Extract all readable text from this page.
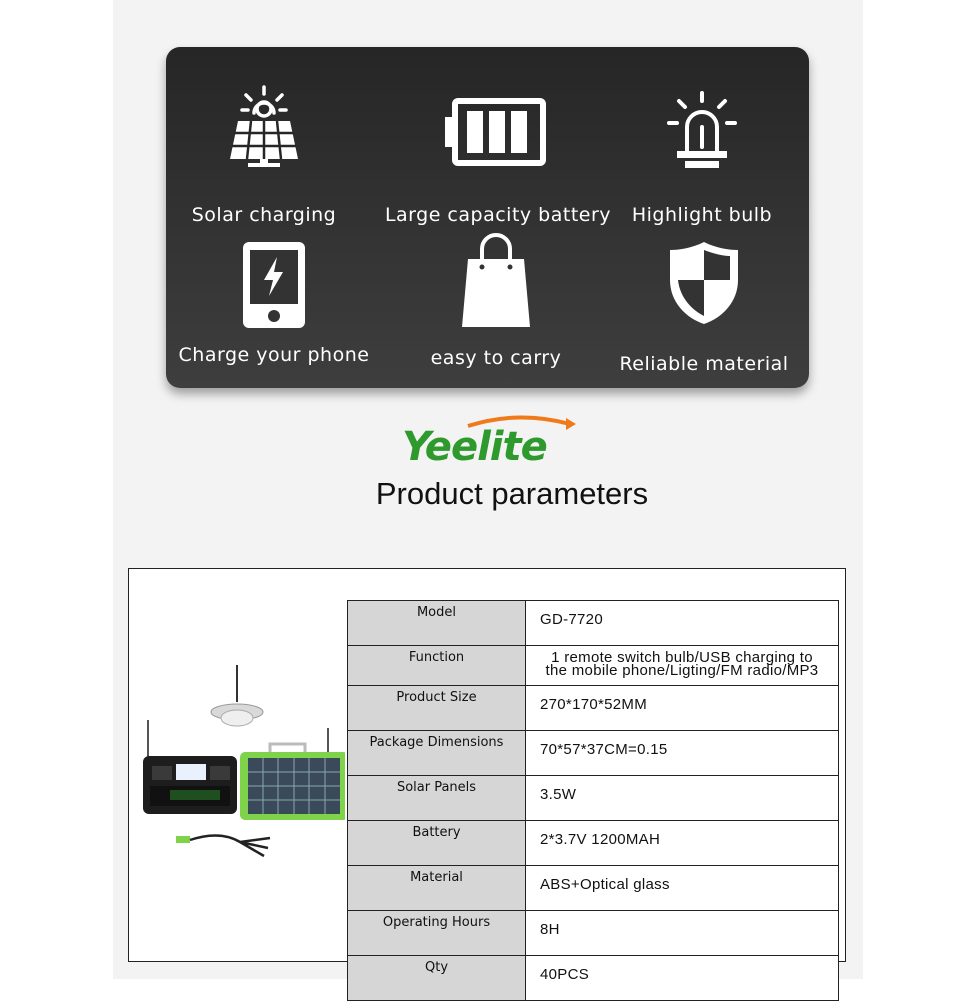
Solar charging	Large capacity battery	Highlight bulb
Charge your phone	easy to carry	Reliable material
Yeelite
Product parameters
Model	GD-7720
Function	1 remote switch bulb/USB charging to
the mobile phone/Ligting/FM radio/MP3

Product Size	270*170*52MM
Package Dimensions	70*57*37CM=0.15
Solar Panels	3.5W
Battery	2*3.7V 1200MAH
Material	ABS+Optical glass
Operating Hours	8H
Qty	40PCS
